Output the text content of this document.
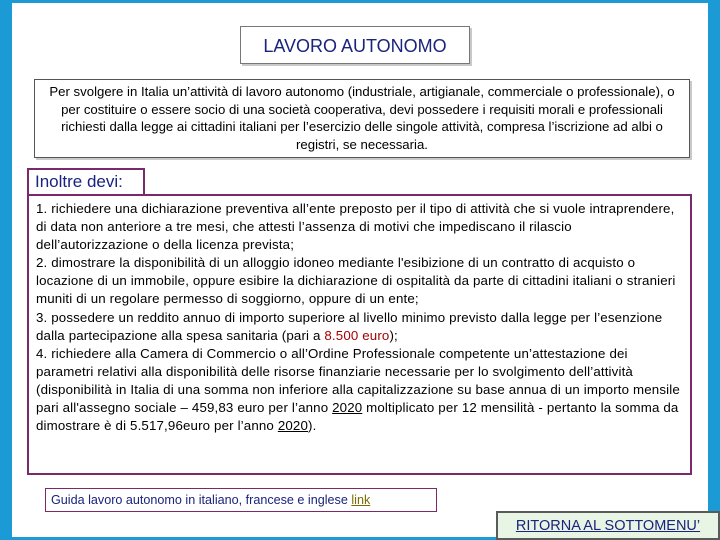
LAVORO AUTONOMO
Per svolgere in Italia un’attività di lavoro autonomo (industriale, artigianale, commerciale o professionale), o per costituire o essere socio di una società cooperativa, devi possedere i requisiti morali e professionali richiesti dalla legge ai cittadini italiani per l’esercizio delle singole attività, compresa l’iscrizione ad albi o registri, se necessaria.

1. richiedere una dichiarazione preventiva all’ente preposto per il tipo di attività che si vuole intraprendere, di data non anteriore a tre mesi, che attesti l’assenza di motivi che impediscano il rilascio dell’autorizzazione o della licenza prevista;

2. dimostrare la disponibilità di un alloggio idoneo mediante l'esibizione di un contratto di acquisto o locazione di un immobile, oppure esibire la dichiarazione di ospitalità da parte di cittadini italiani o stranieri muniti di un regolare permesso di soggiorno, oppure di un ente;

3. possedere un reddito annuo di importo superiore al livello minimo previsto dalla legge per l’esenzione dalla partecipazione alla spesa sanitaria (pari a 8.500 euro);

4. richiedere alla Camera di Commercio o all’Ordine Professionale competente un’attestazione dei parametri relativi alla disponibilità delle risorse finanziarie necessarie per lo svolgimento dell’attività (disponibilità in Italia di una somma non inferiore alla capitalizzazione su base annua di un importo mensile pari all'assegno sociale – 459,83 euro per l’anno 2020 moltiplicato per 12 mensilità - pertanto la somma da dimostrare è di 5.517,96euro per l’anno 2020).

Inoltre devi:
Guida lavoro autonomo in italiano, francese e inglese link
RITORNA AL SOTTOMENU’
